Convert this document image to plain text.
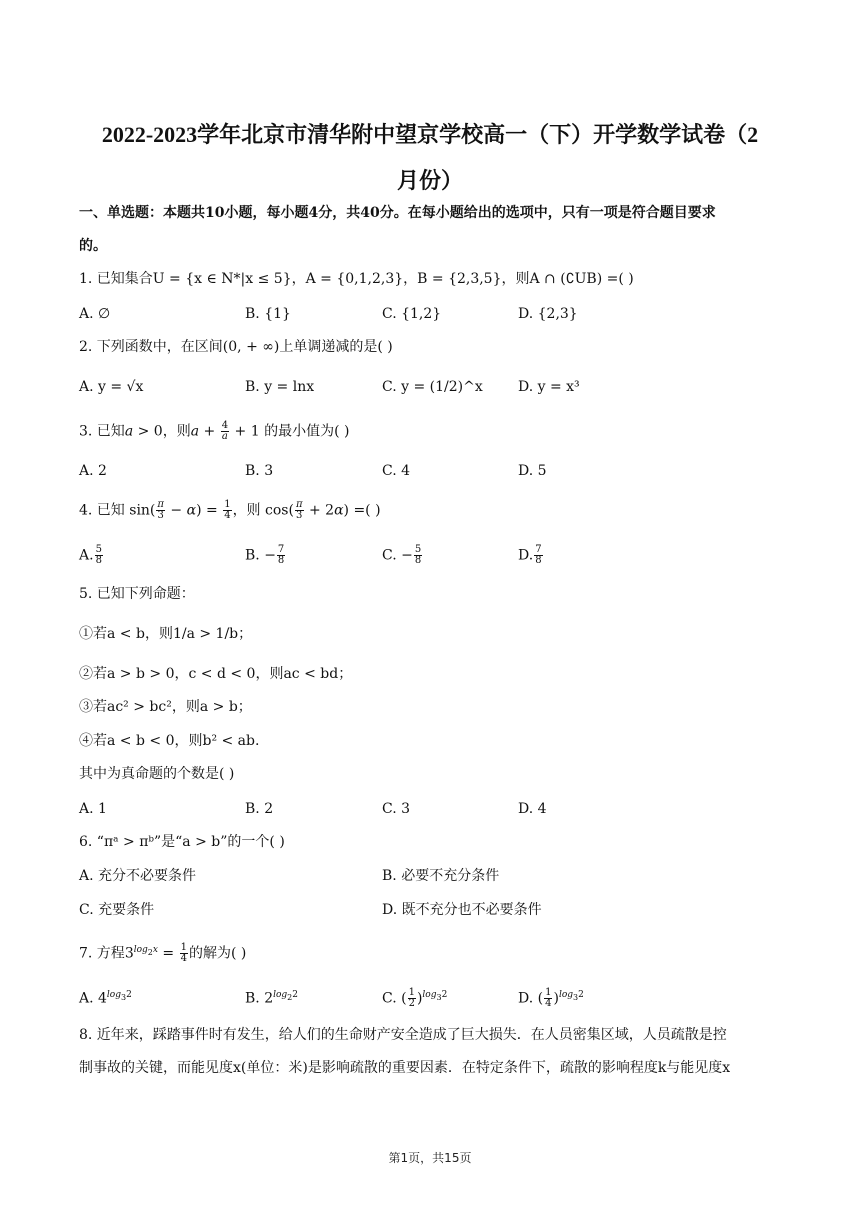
2022-2023学年北京市清华附中望京学校高一（下）开学数学试卷（2
月份）
一、单选题：本题共10小题，每小题4分，共40分。在每小题给出的选项中，只有一项是符合题目要求
的。
1. 已知集合U = {x ∈ N*|x ≤ 5}，A = {0,1,2,3}，B = {2,3,5}，则A ∩ (∁UB) =( )
A. ∅	B. {1}	C. {1,2}	D. {2,3}
2. 下列函数中，在区间(0, + ∞)上单调递减的是( )
A. y = √x	B. y = lnx	C. y = (1/2)^x	D. y = x³
3. 已知a > 0，则$a + \frac{4}{a} + 1$ 的最小值为( )
A. 2	B. 3	C. 4	D. 5
4. 已知 $\sin( \frac{\pi}{3} - \alpha) = \frac{1}{4}$ ，则 $\cos( \frac{\pi}{3} + 2\alpha)$ =( )
A. $\frac{5}{8}$	B. − $\frac{7}{8}$	C. − $\frac{5}{8}$	D. $\frac{7}{8}$
5. 已知下列命题：
①若a < b，则1/a > 1/b；
②若a > b > 0，c < d < 0，则ac < bd；
③若ac² > bc²，则a > b；
④若a < b < 0，则b² < ab.
其中为真命题的个数是( )
A. 1	B. 2	C. 3	D. 4
6. “πᵃ > πᵇ”是“a > b”的一个( )
A. 充分不必要条件	B. 必要不充分条件
C. 充要条件	D. 既不充分也不必要条件
7. 方程$3^{log_2x} = \frac{1}{4}$ 的解为( )
A. $4^{log_32}$	B. $2^{log_22}$	C. ( $\frac{1}{2} )^{log_32}$	D. ( $\frac{1}{4} )^{log_32}$
8. 近年来，踩踏事件时有发生，给人们的生命财产安全造成了巨大损失．在人员密集区域，人员疏散是控
制事故的关键，而能见度x(单位：米)是影响疏散的重要因素．在特定条件下，疏散的影响程度k与能见度x
第1页，共15页
